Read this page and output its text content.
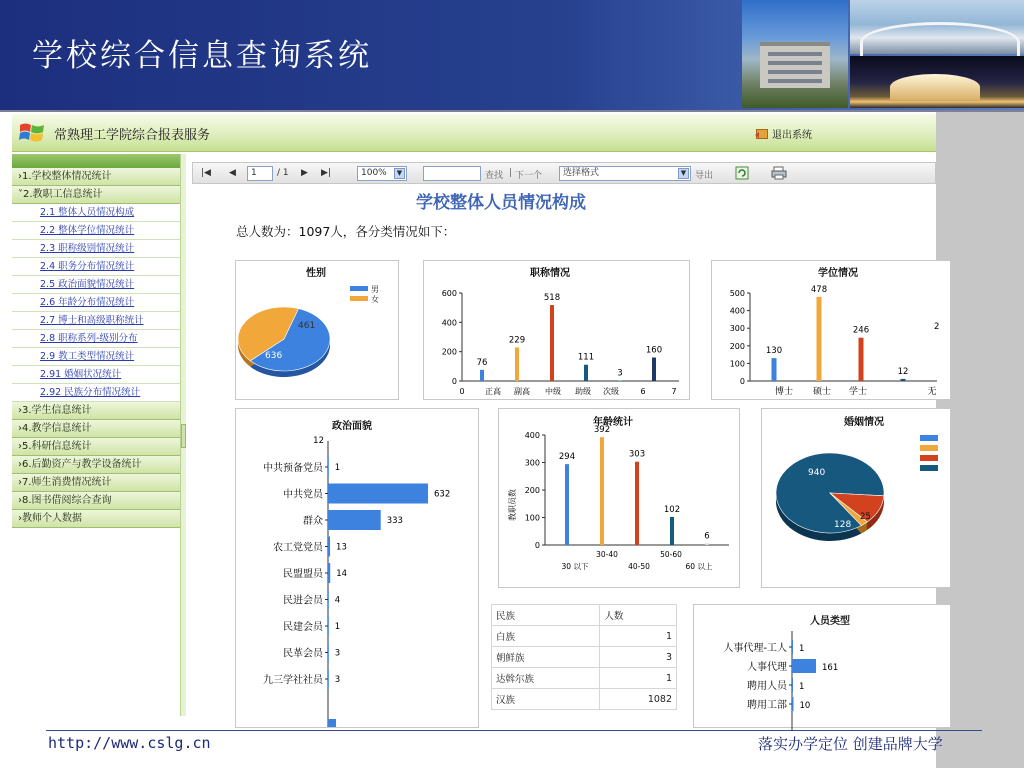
学校综合信息查询系统
常熟理工学院综合报表服务	退出系统
›1.学校整体情况统计
˅2.教职工信息统计
2.1 整体人员情况构成
2.2 整体学位情况统计
2.3 职称级别情况统计
2.4 职务分布情况统计
2.5 政治面貌情况统计
2.6 年龄分布情况统计
2.7 博士和高级职称统计
2.8 职称系列-级别分布
2.9 教工类型情况统计
2.91 婚姻状况统计
2.92 民族分布情况统计
›3.学生信息统计
›4.教学信息统计
›5.科研信息统计
›6.后勤资产与教学设备统计
›7.师生消费情况统计
›8.图书借阅综合查询
›教师个人数据
|◀ ◀	1	/ 1 ▶ ▶|	100%	▼	查找 | 下一个	选择格式	▼ 导出
学校整体人员情况构成
总人数为：1097人，各分类情况如下：
性别
636
461
男
女
职称情况
0
200
400
600
76
229
518
111
3
160
0	正高 副高 中级 助级 次级	6	7
学位情况
0
100
200
300
400
500
130
478
246
12
2
博士 硕士 学士	无
政治面貌
12
中共预备党员 1
中共党员	632
群众	333
农工党党员 13
民盟盟员 14
民进会员 4
民建会员 1
民革会员 3
九三学社社员 3
年龄统计
0
100
200
300
400
294
392
303
102
6
教职员数
30-40	50-60
30 以下	40-50	60 以上
婚姻情况
940
128
25
民族	人数
白族	1
朝鲜族	3
达斡尔族	1
汉族	1082
人员类型
人事代理-工人 1
人事代理	161
聘用人员 1
聘用工部 10
http://www.cslg.cn	落实办学定位 创建品牌大学
